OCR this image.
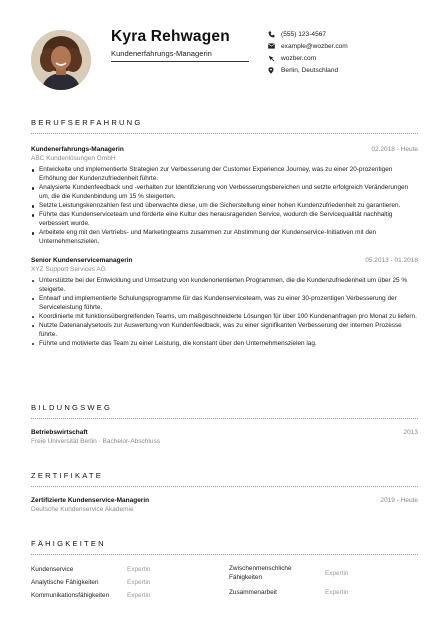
Kyra Rehwagen
Kundenerfahrungs-Managerin
(555) 123-4567
example@wozber.com
wozber.com
Berlin, Deutschland
BERUFSERFAHRUNG
Kundenerfahrungs-Managerin	02.2018 - Heute
ABC Kundenlösungen GmbH
Entwickelte und implementierte Strategien zur Verbesserung der Customer Experience Journey, was zu einer 20-prozentigen Erhöhung der Kundenzufriedenheit führte.
Analysierte Kundenfeedback und -verhalten zur Identifizierung von Verbesserungsbereichen und setzte erfolgreich Veränderungen um, die die Kundenbindung um 15 % steigerten.
Setzte Leistungskennzahlen fest und überwachte diese, um die Sicherstellung einer hohen Kundenzufriedenheit zu garantieren.
Führte das Kundenserviceteam und förderte eine Kultur des herausragenden Service, wodurch die Servicequalität nachhaltig verbessert wurde.
Arbeitete eng mit den Vertriebs- und Marketingteams zusammen zur Abstimmung der Kundenservice-Initiativen mit den Unternehmenszielen.
Senior Kundenservicemanagerin	05.2013 - 01.2018
XYZ Support Services AG
Unterstützte bei der Entwicklung und Umsetzung von kundenorientierten Programmen, die die Kundenzufriedenheit um über 25 % steigerte.
Entwarf und implementierte Schulungsprogramme für das Kundenserviceteam, was zu einer 30-prozentigen Verbesserung der Serviceleistung führte.
Koordinierte mit funktionsübergreifenden Teams, um maßgeschneiderte Lösungen für über 100 Kundenanfragen pro Monat zu liefern.
Nutzte Datenanalysetools zur Auswertung von Kundenfeedback, was zu einer signifikanten Verbesserung der internen Prozesse führte.
Führte und motivierte das Team zu einer Leistung, die konstant über den Unternehmenszielen lag.
BILDUNGSWEG
Betriebswirtschaft	2013
Freie Universität Berlin · Bachelor-Abschluss
ZERTIFIKATE
Zertifizierte Kundenservice-Managerin	2019 - Heute
Deutsche Kundenservice Akademie
FÄHIGKEITEN
Kundenservice	Expertin
Analytische Fähigkeiten	Expertin
Kommunikationsfähigkeiten	Expertin
Zwischenmenschliche Fähigkeiten	Expertin
Zusammenarbeit	Expertin
